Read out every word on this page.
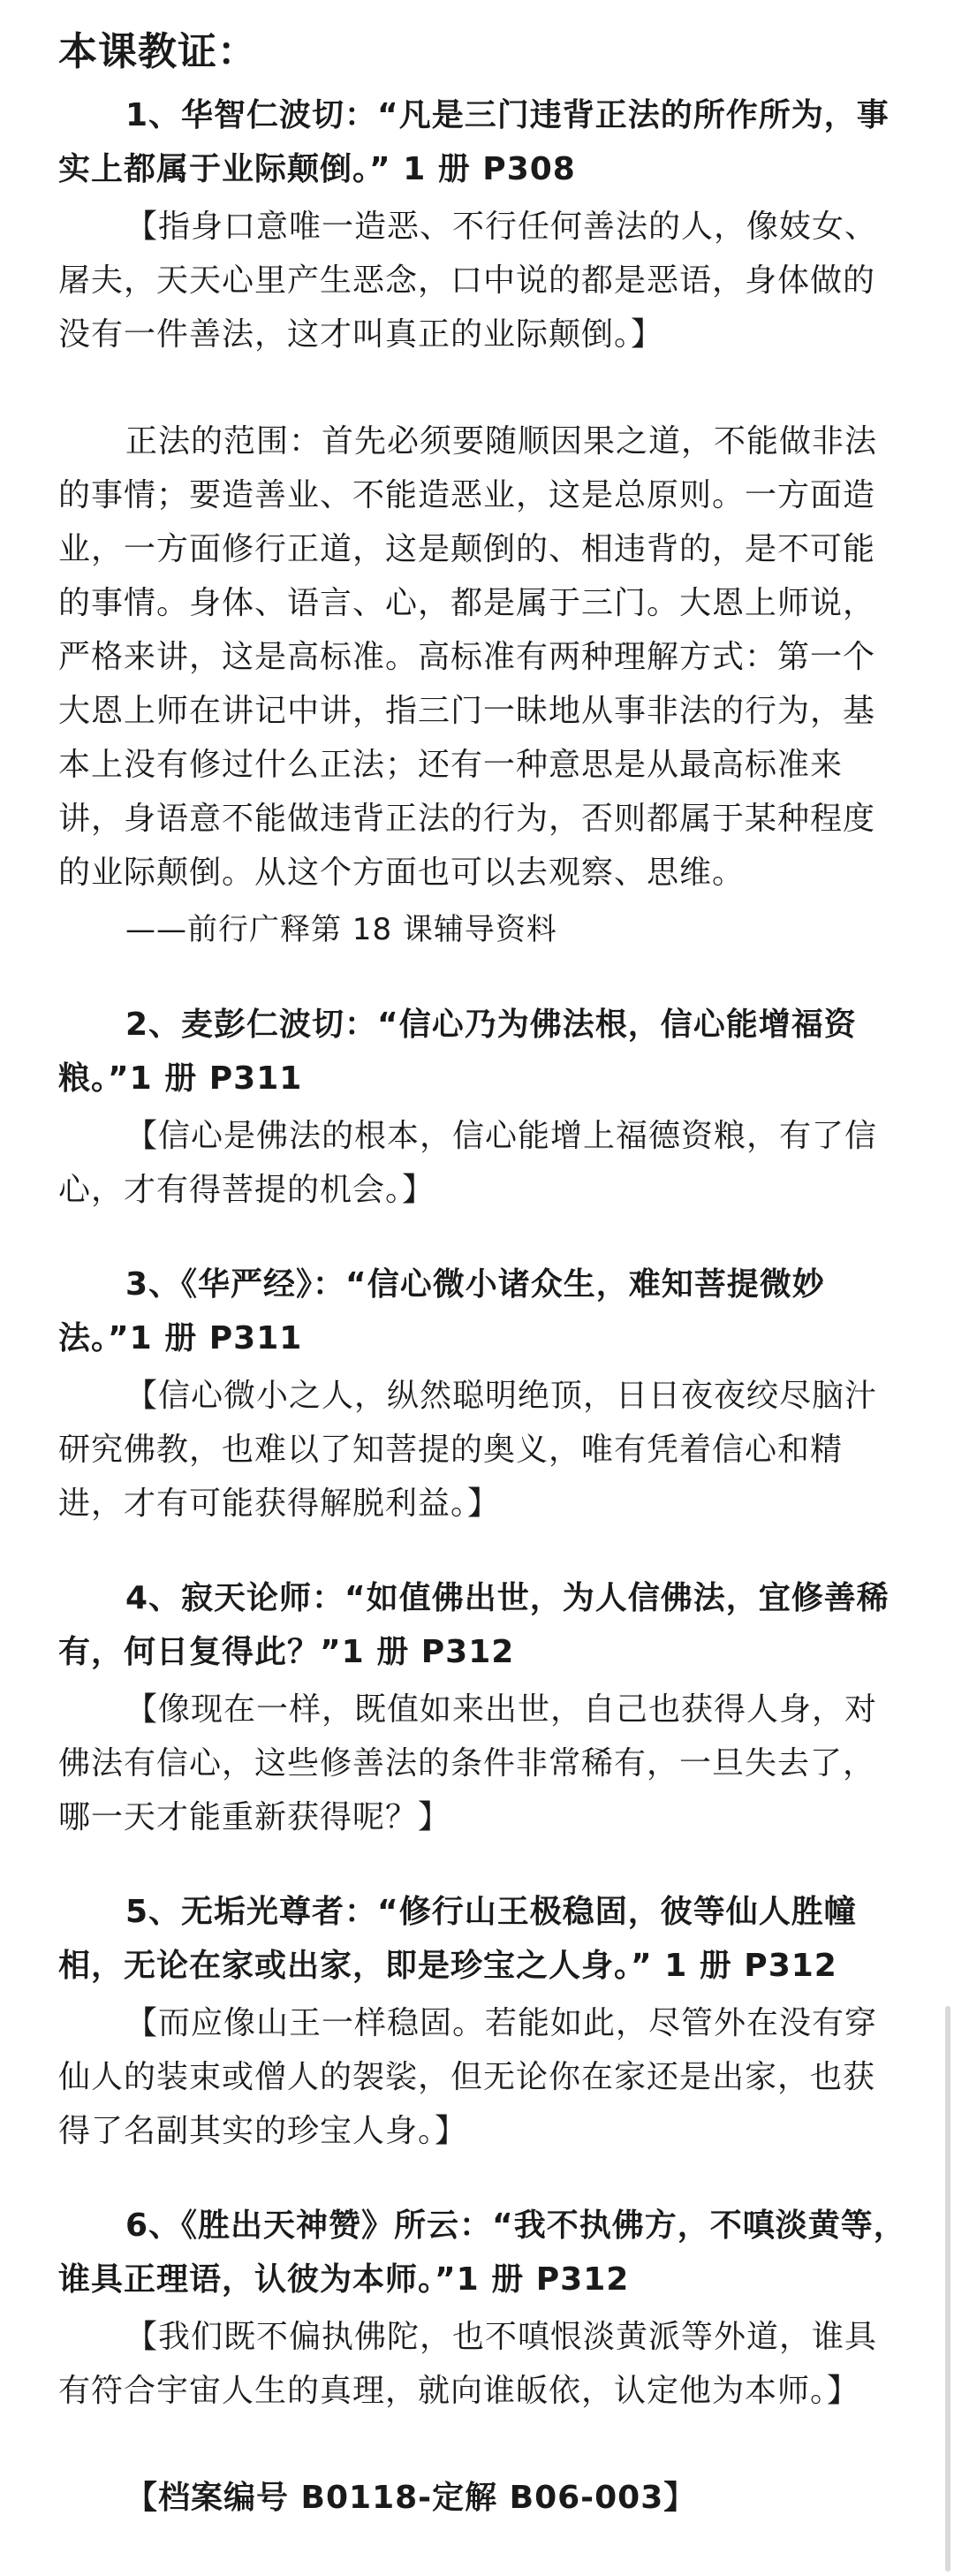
本课教证：

1、华智仁波切：“凡是三门违背正法的所作所为，事实上都属于业际颠倒。” 1 册 P308

【指身口意唯一造恶、不行任何善法的人，像妓女、屠夫，天天心里产生恶念，口中说的都是恶语，身体做的没有一件善法，这才叫真正的业际颠倒。】

正法的范围：首先必须要随顺因果之道，不能做非法的事情；要造善业、不能造恶业，这是总原则。一方面造业，一方面修行正道，这是颠倒的、相违背的，是不可能的事情。身体、语言、心，都是属于三门。大恩上师说，严格来讲，这是高标准。高标准有两种理解方式：第一个大恩上师在讲记中讲，指三门一昧地从事非法的行为，基本上没有修过什么正法；还有一种意思是从最高标准来讲，身语意不能做违背正法的行为，否则都属于某种程度的业际颠倒。从这个方面也可以去观察、思维。

——前行广释第 18 课辅导资料

2、麦彭仁波切：“信心乃为佛法根，信心能增福资粮。”1 册 P311

【信心是佛法的根本，信心能增上福德资粮，有了信心，才有得菩提的机会。】

3、《华严经》：“信心微小诸众生，难知菩提微妙法。”1 册 P311

【信心微小之人，纵然聪明绝顶，日日夜夜绞尽脑汁研究佛教，也难以了知菩提的奥义，唯有凭着信心和精进，才有可能获得解脱利益。】

4、寂天论师：“如值佛出世，为人信佛法，宜修善稀有，何日复得此？”1 册 P312

【像现在一样，既值如来出世，自己也获得人身，对佛法有信心，这些修善法的条件非常稀有，一旦失去了，哪一天才能重新获得呢？】

5、无垢光尊者：“修行山王极稳固，彼等仙人胜幢相，无论在家或出家，即是珍宝之人身。” 1 册 P312

【而应像山王一样稳固。若能如此，尽管外在没有穿仙人的装束或僧人的袈裟，但无论你在家还是出家，也获得了名副其实的珍宝人身。】

6、《胜出天神赞》所云：“我不执佛方，不嗔淡黄等，谁具正理语，认彼为本师。”1 册 P312

【我们既不偏执佛陀，也不嗔恨淡黄派等外道，谁具有符合宇宙人生的真理，就向谁皈依，认定他为本师。】

【档案编号 B0118-定解 B06-003】
